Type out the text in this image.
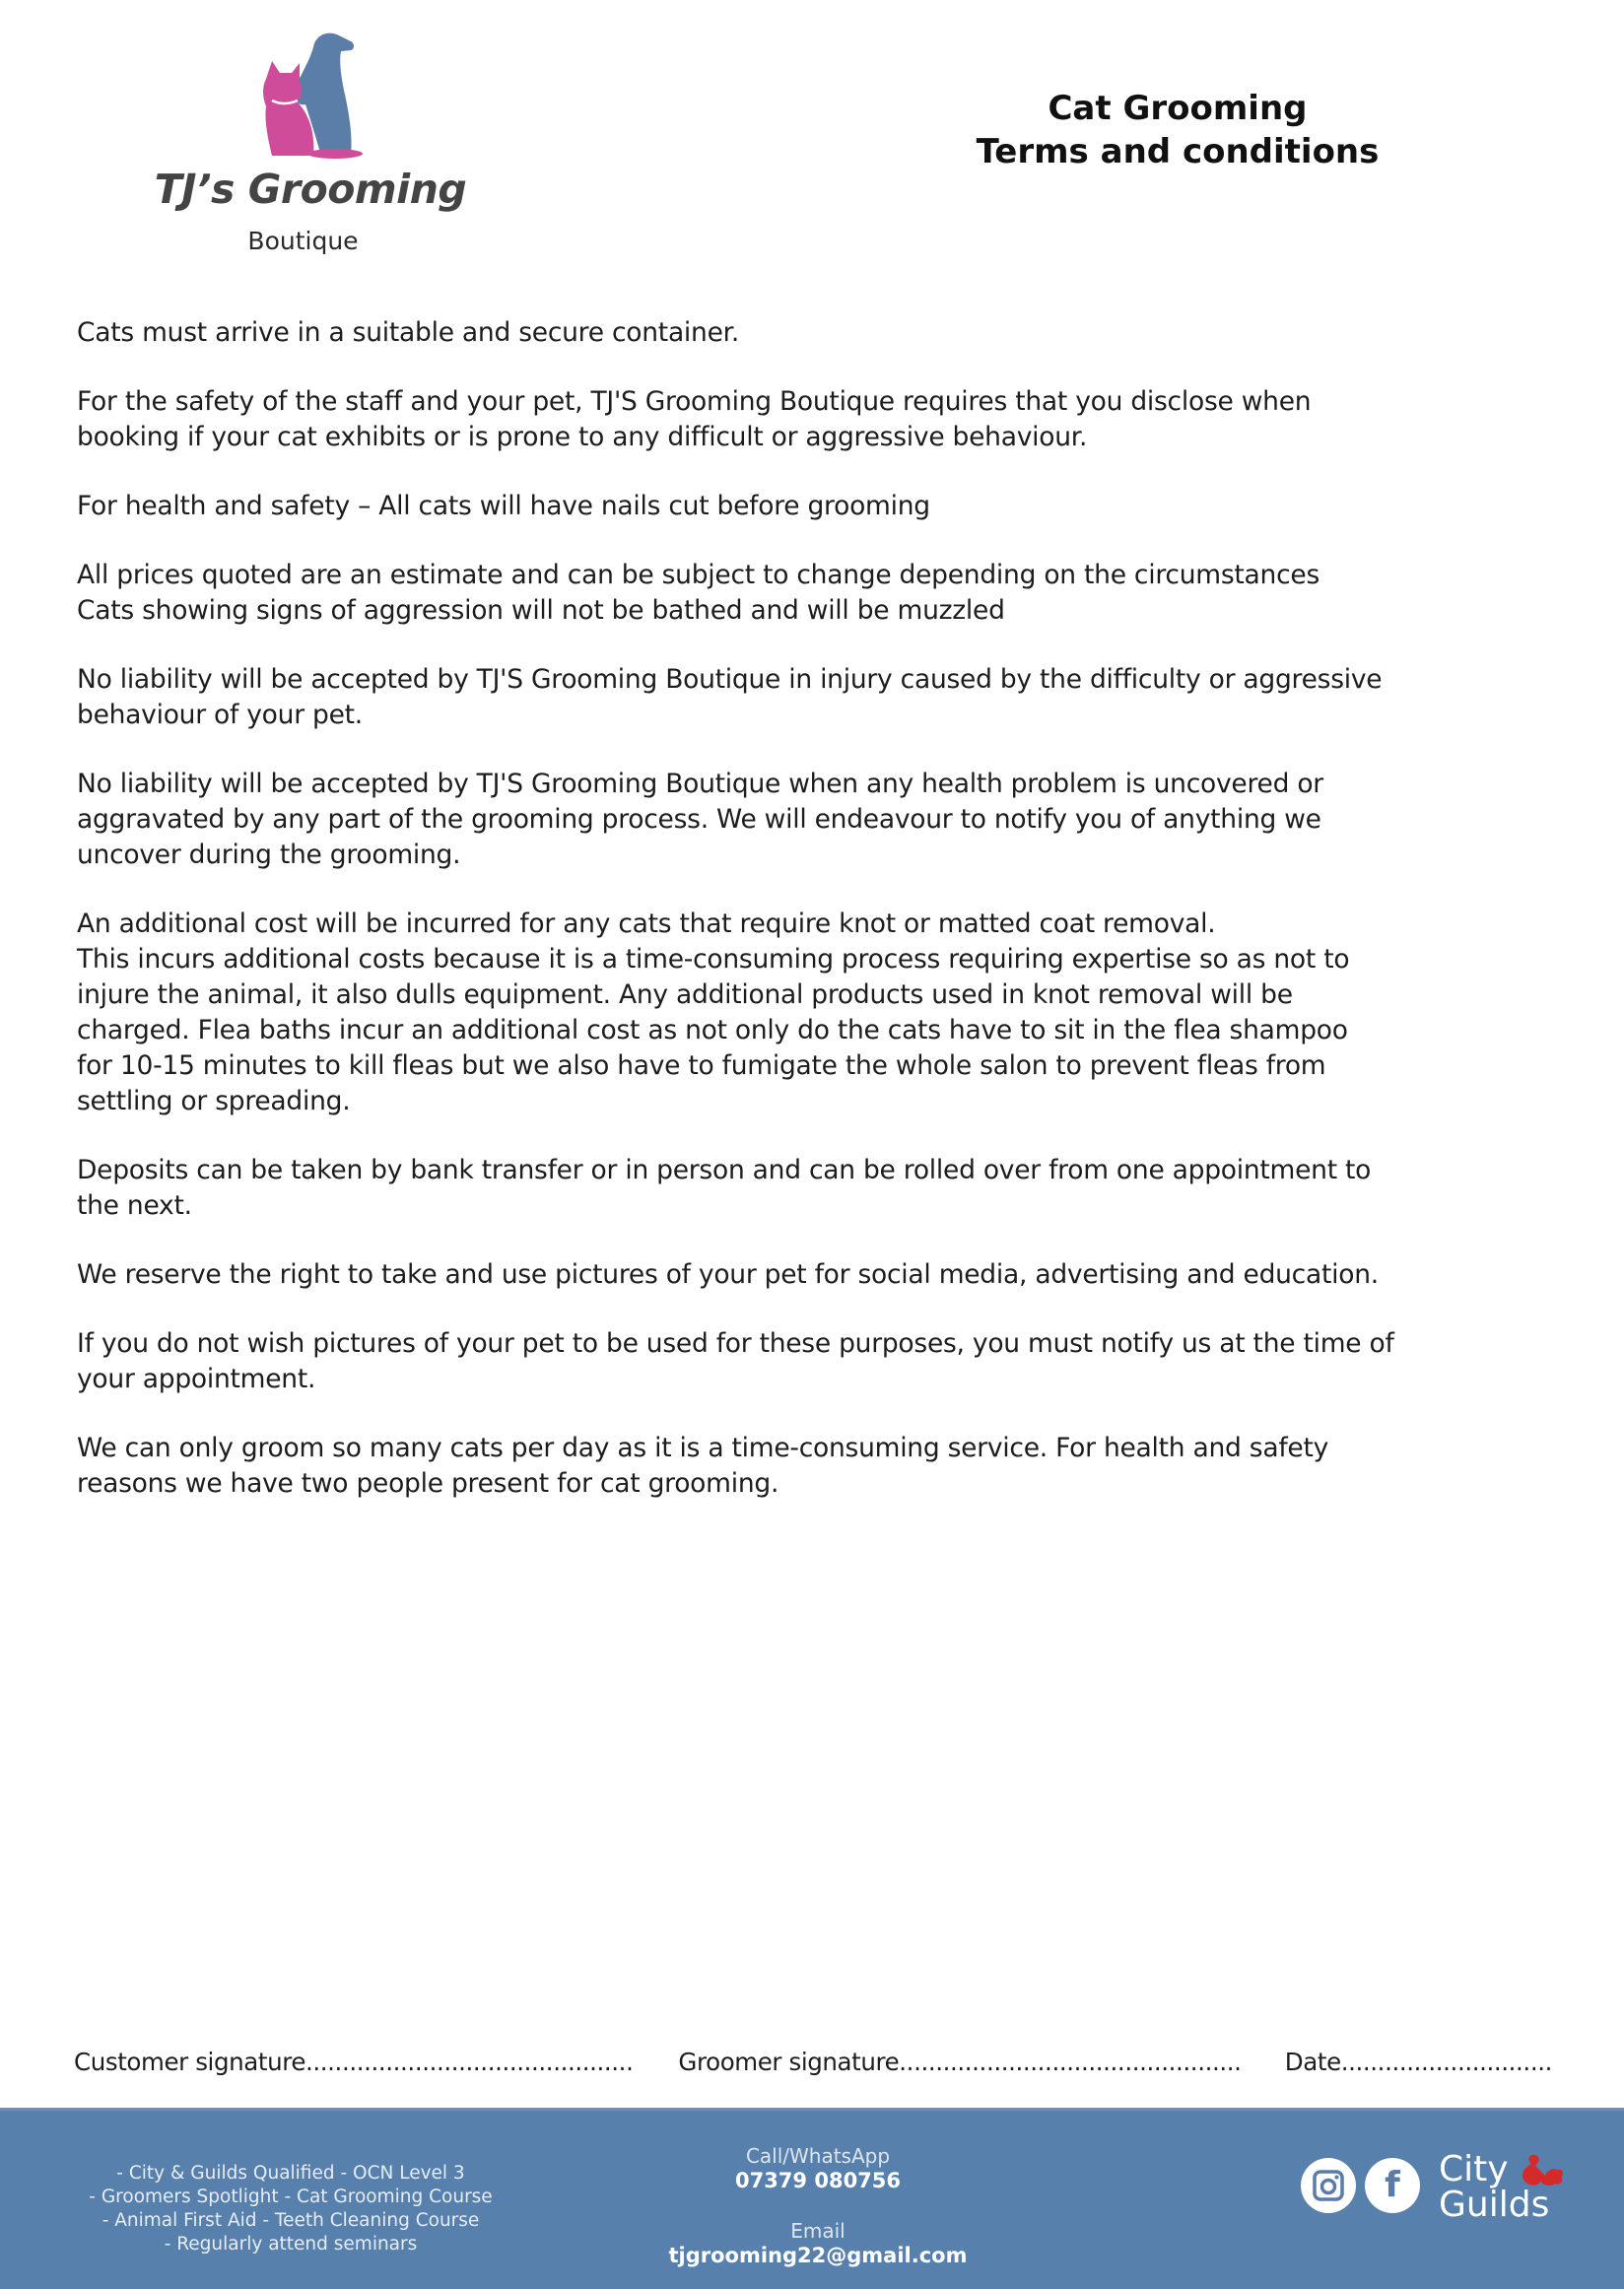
TJ’s Grooming
Boutique
Cat Grooming
Terms and conditions

Cats must arrive in a suitable and secure container.

For the safety of the staff and your pet, TJ'S Grooming Boutique requires that you disclose when
booking if your cat exhibits or is prone to any difficult or aggressive behaviour.

For health and safety – All cats will have nails cut before grooming

All prices quoted are an estimate and can be subject to change depending on the circumstances
Cats showing signs of aggression will not be bathed and will be muzzled

No liability will be accepted by TJ'S Grooming Boutique in injury caused by the difficulty or aggressive
behaviour of your pet.

No liability will be accepted by TJ'S Grooming Boutique when any health problem is uncovered or
aggravated by any part of the grooming process. We will endeavour to notify you of anything we
uncover during the grooming.

An additional cost will be incurred for any cats that require knot or matted coat removal.
This incurs additional costs because it is a time-consuming process requiring expertise so as not to
injure the animal, it also dulls equipment. Any additional products used in knot removal will be
charged. Flea baths incur an additional cost as not only do the cats have to sit in the flea shampoo
for 10-15 minutes to kill fleas but we also have to fumigate the whole salon to prevent fleas from
settling or spreading.

Deposits can be taken by bank transfer or in person and can be rolled over from one appointment to
the next.

We reserve the right to take and use pictures of your pet for social media, advertising and education.

If you do not wish pictures of your pet to be used for these purposes, you must notify us at the time of
your appointment.

We can only groom so many cats per day as it is a time-consuming service. For health and safety
reasons we have two people present for cat grooming.

Customer signature.............................................	Groomer signature...............................................	Date.............................
- City & Guilds Qualified - OCN Level 3
- Groomers Spotlight - Cat Grooming Course
- Animal First Aid - Teeth Cleaning Course
- Regularly attend seminars
Call/WhatsApp
07379 080756
Email
tjgrooming22@gmail.com
f City
Guilds
